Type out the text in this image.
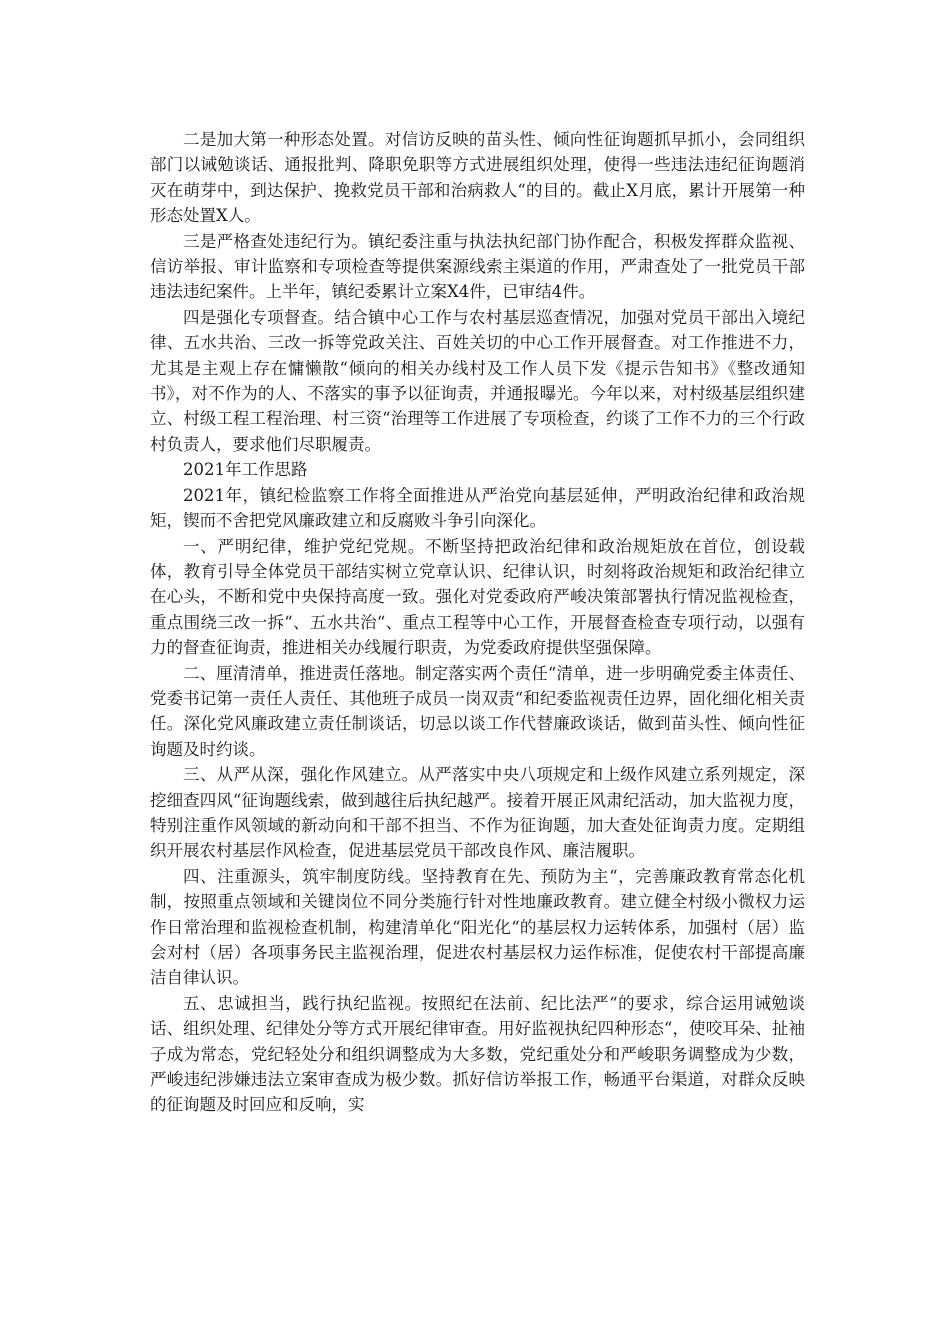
二是加大第一种形态处置。对信访反映的苗头性、倾向性征询题抓早抓小，会同组织部门以诫勉谈话、通报批判、降职免职等方式进展组织处理，使得一些违法违纪征询题消灭在萌芽中，到达保护、挽救党员干部和治病救人“的目的。截止X月底，累计开展第一种形态处置X人。

三是严格查处违纪行为。镇纪委注重与执法执纪部门协作配合，积极发挥群众监视、信访举报、审计监察和专项检查等提供案源线索主渠道的作用，严肃查处了一批党员干部违法违纪案件。上半年，镇纪委累计立案X4件，已审结4件。

四是强化专项督查。结合镇中心工作与农村基层巡查情况，加强对党员干部出入境纪律、五水共治、三改一拆等党政关注、百姓关切的中心工作开展督查。对工作推进不力，尤其是主观上存在慵懒散“倾向的相关办线村及工作人员下发《提示告知书》《整改通知书》，对不作为的人、不落实的事予以征询责，并通报曝光。今年以来，对村级基层组织建立、村级工程工程治理、村三资“治理等工作进展了专项检查，约谈了工作不力的三个行政村负责人，要求他们尽职履责。

2021年工作思路

2021年，镇纪检监察工作将全面推进从严治党向基层延伸，严明政治纪律和政治规矩，锲而不舍把党风廉政建立和反腐败斗争引向深化。

一、严明纪律，维护党纪党规。不断坚持把政治纪律和政治规矩放在首位，创设载体，教育引导全体党员干部结实树立党章认识、纪律认识，时刻将政治规矩和政治纪律立在心头，不断和党中央保持高度一致。强化对党委政府严峻决策部署执行情况监视检查，重点围绕三改一拆“、五水共治“、重点工程等中心工作，开展督查检查专项行动，以强有力的督查征询责，推进相关办线履行职责，为党委政府提供坚强保障。

二、厘清清单，推进责任落地。制定落实两个责任“清单，进一步明确党委主体责任、党委书记第一责任人责任、其他班子成员一岗双责“和纪委监视责任边界，固化细化相关责任。深化党风廉政建立责任制谈话，切忌以谈工作代替廉政谈话，做到苗头性、倾向性征询题及时约谈。

三、从严从深，强化作风建立。从严落实中央八项规定和上级作风建立系列规定，深挖细查四风“征询题线索，做到越往后执纪越严。接着开展正风肃纪活动，加大监视力度，特别注重作风领域的新动向和干部不担当、不作为征询题，加大查处征询责力度。定期组织开展农村基层作风检查，促进基层党员干部改良作风、廉洁履职。

四、注重源头，筑牢制度防线。坚持教育在先、预防为主“，完善廉政教育常态化机制，按照重点领域和关键岗位不同分类施行针对性地廉政教育。建立健全村级小微权力运作日常治理和监视检查机制，构建清单化“阳光化“的基层权力运转体系，加强村（居）监会对村（居）各项事务民主监视治理，促进农村基层权力运作标准，促使农村干部提高廉洁自律认识。

五、忠诚担当，践行执纪监视。按照纪在法前、纪比法严“的要求，综合运用诫勉谈话、组织处理、纪律处分等方式开展纪律审查。用好监视执纪四种形态“，使咬耳朵、扯袖子成为常态，党纪轻处分和组织调整成为大多数，党纪重处分和严峻职务调整成为少数，严峻违纪涉嫌违法立案审查成为极少数。抓好信访举报工作，畅通平台渠道，对群众反映的征询题及时回应和反响，实
